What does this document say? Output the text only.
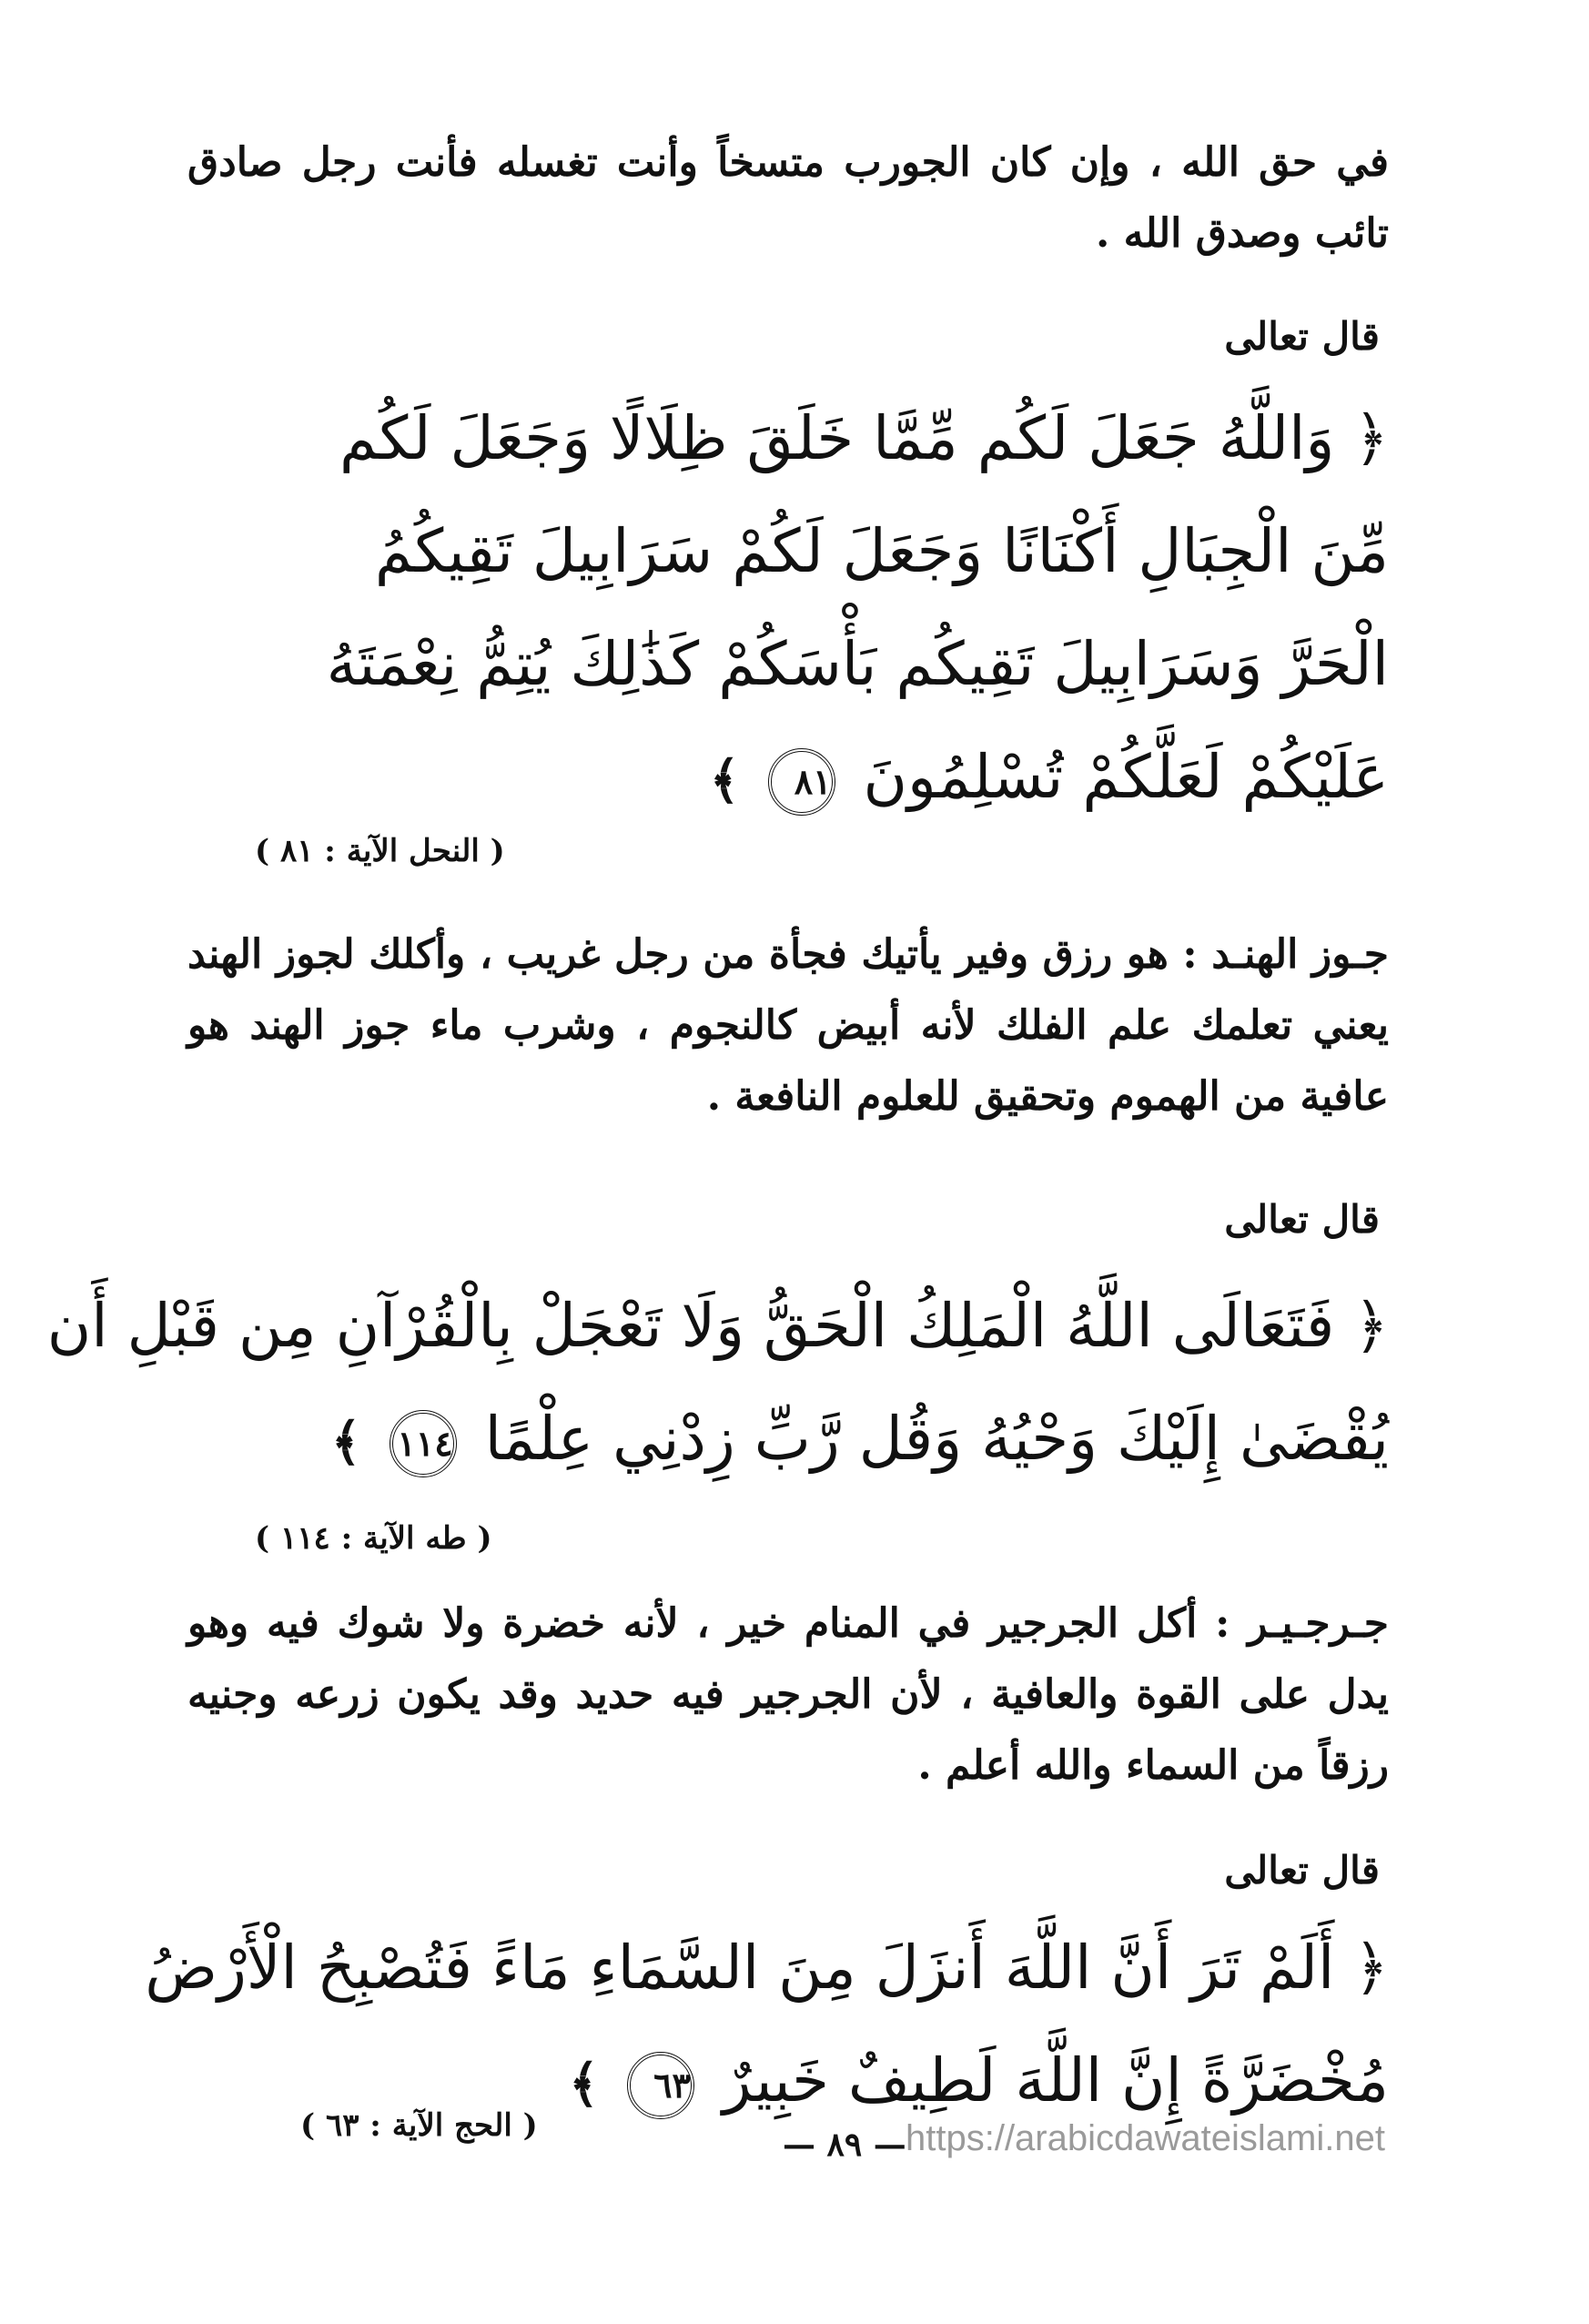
في حق الله ، وإن كان الجورب متسخاً وأنت تغسله فأنت رجل صادق تائب وصدق الله .

قال تعالى
﴿ وَاللَّهُ جَعَلَ لَكُم مِّمَّا خَلَقَ ظِلَالًا وَجَعَلَ لَكُم
مِّنَ الْجِبَالِ أَكْنَانًا وَجَعَلَ لَكُمْ سَرَابِيلَ تَقِيكُمُ
الْحَرَّ وَسَرَابِيلَ تَقِيكُم بَأْسَكُمْ كَذَٰلِكَ يُتِمُّ نِعْمَتَهُ
عَلَيْكُمْ لَعَلَّكُمْ تُسْلِمُونَ ٨١ ﴾
( النحل الآية : ٨١ )

جـوز الهنـد : هو رزق وفير يأتيك فجأة من رجل غريب ، وأكلك لجوز الهند يعني تعلمك علم الفلك لأنه أبيض كالنجوم ، وشرب ماء جوز الهند هو عافية من الهموم وتحقيق للعلوم النافعة .

قال تعالى
﴿ فَتَعَالَى اللَّهُ الْمَلِكُ الْحَقُّ وَلَا تَعْجَلْ بِالْقُرْآنِ مِن قَبْلِ أَن
يُقْضَىٰ إِلَيْكَ وَحْيُهُ وَقُل رَّبِّ زِدْنِي عِلْمًا ١١٤ ﴾
( طه الآية : ١١٤ )

جـرجـيـر : أكل الجرجير في المنام خير ، لأنه خضرة ولا شوك فيه وهو يدل على القوة والعافية ، لأن الجرجير فيه حديد وقد يكون زرعه وجنيه رزقاً من السماء والله أعلم .

قال تعالى
﴿ أَلَمْ تَرَ أَنَّ اللَّهَ أَنزَلَ مِنَ السَّمَاءِ مَاءً فَتُصْبِحُ الْأَرْضُ
مُخْضَرَّةً إِنَّ اللَّهَ لَطِيفٌ خَبِيرٌ ٦٣ ﴾
( الحج الآية : ٦٣ )	— ٨٩ — https://arabicdawateislami.net
